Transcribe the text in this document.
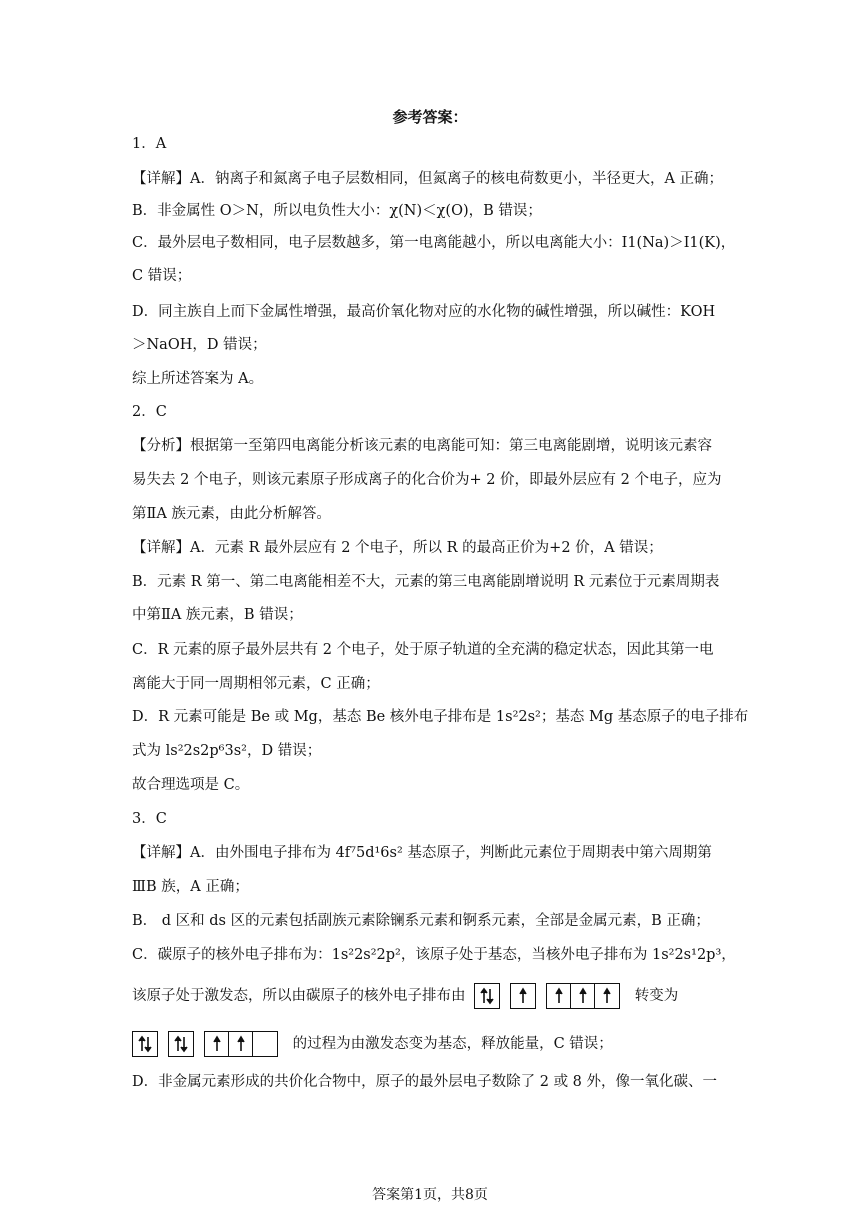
参考答案：
1．A
【详解】A．钠离子和氮离子电子层数相同，但氮离子的核电荷数更小，半径更大，A 正确；
B．非金属性 O＞N，所以电负性大小：χ(N)＜χ(O)，B 错误；
C．最外层电子数相同，电子层数越多，第一电离能越小，所以电离能大小：I1(Na)＞I1(K)，
C 错误；
D．同主族自上而下金属性增强，最高价氧化物对应的水化物的碱性增强，所以碱性：KOH
＞NaOH，D 错误；
综上所述答案为 A。
2．C
【分析】根据第一至第四电离能分析该元素的电离能可知：第三电离能剧增，说明该元素容
易失去 2 个电子，则该元素原子形成离子的化合价为+ 2 价，即最外层应有 2 个电子，应为
第ⅡA 族元素，由此分析解答。
【详解】A．元素 R 最外层应有 2 个电子，所以 R 的最高正价为+2 价，A 错误；
B．元素 R 第一、第二电离能相差不大，元素的第三电离能剧增说明 R 元素位于元素周期表
中第ⅡA 族元素，B 错误；
C．R 元素的原子最外层共有 2 个电子，处于原子轨道的全充满的稳定状态，因此其第一电
离能大于同一周期相邻元素，C 正确；
D．R 元素可能是 Be 或 Mg，基态 Be 核外电子排布是 1s²2s²；基态 Mg 基态原子的电子排布
式为 ls²2s2p⁶3s²，D 错误；
故合理选项是 C。
3．C
【详解】A．由外围电子排布为 4f⁷5d¹6s² 基态原子，判断此元素位于周期表中第六周期第
ⅢB 族，A 正确；
B． d 区和 ds 区的元素包括副族元素除镧系元素和锕系元素，全部是金属元素，B 正确；
C．碳原子的核外电子排布为：1s²2s²2p²，该原子处于基态，当核外电子排布为 1s²2s¹2p³，
该原子处于激发态，所以由碳原子的核外电子排布由	转变为
的过程为由激发态变为基态，释放能量，C 错误；
D．非金属元素形成的共价化合物中，原子的最外层电子数除了 2 或 8 外，像一氧化碳、一
答案第1页，共8页
